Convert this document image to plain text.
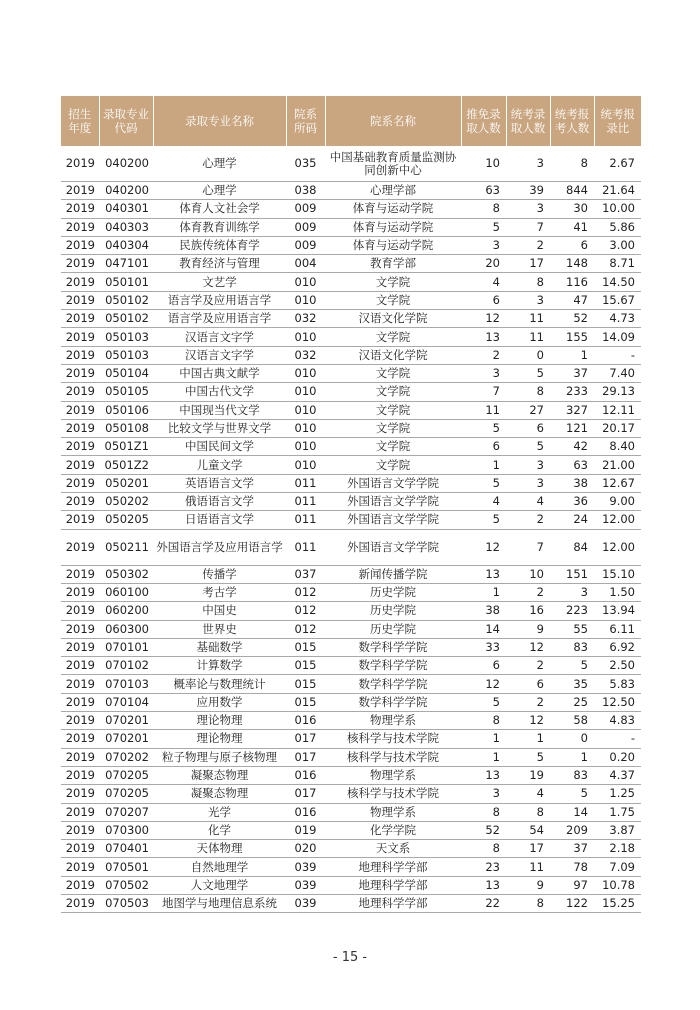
招生年度	录取专业代码	录取专业名称	院系所码	院系名称	推免录取人数	统考录取人数	统考报考人数	统考报录比
2019	040200	心理学	035	中国基础教育质量监测协同创新中心	10	3	8	2.67
2019	040200	心理学	038	心理学部	63	39	844	21.64
2019	040301	体育人文社会学	009	体育与运动学院	8	3	30	10.00
2019	040303	体育教育训练学	009	体育与运动学院	5	7	41	5.86
2019	040304	民族传统体育学	009	体育与运动学院	3	2	6	3.00
2019	047101	教育经济与管理	004	教育学部	20	17	148	8.71
2019	050101	文艺学	010	文学院	4	8	116	14.50
2019	050102	语言学及应用语言学	010	文学院	6	3	47	15.67
2019	050102	语言学及应用语言学	032	汉语文化学院	12	11	52	4.73
2019	050103	汉语言文字学	010	文学院	13	11	155	14.09
2019	050103	汉语言文字学	032	汉语文化学院	2	0	1	-
2019	050104	中国古典文献学	010	文学院	3	5	37	7.40
2019	050105	中国古代文学	010	文学院	7	8	233	29.13
2019	050106	中国现当代文学	010	文学院	11	27	327	12.11
2019	050108	比较文学与世界文学	010	文学院	5	6	121	20.17
2019	0501Z1	中国民间文学	010	文学院	6	5	42	8.40
2019	0501Z2	儿童文学	010	文学院	1	3	63	21.00
2019	050201	英语语言文学	011	外国语言文学学院	5	3	38	12.67
2019	050202	俄语语言文学	011	外国语言文学学院	4	4	36	9.00
2019	050205	日语语言文学	011	外国语言文学学院	5	2	24	12.00
2019	050211	外国语言学及应用语言学	011	外国语言文学学院	12	7	84	12.00
2019	050302	传播学	037	新闻传播学院	13	10	151	15.10
2019	060100	考古学	012	历史学院	1	2	3	1.50
2019	060200	中国史	012	历史学院	38	16	223	13.94
2019	060300	世界史	012	历史学院	14	9	55	6.11
2019	070101	基础数学	015	数学科学学院	33	12	83	6.92
2019	070102	计算数学	015	数学科学学院	6	2	5	2.50
2019	070103	概率论与数理统计	015	数学科学学院	12	6	35	5.83
2019	070104	应用数学	015	数学科学学院	5	2	25	12.50
2019	070201	理论物理	016	物理学系	8	12	58	4.83
2019	070201	理论物理	017	核科学与技术学院	1	1	0	-
2019	070202	粒子物理与原子核物理	017	核科学与技术学院	1	5	1	0.20
2019	070205	凝聚态物理	016	物理学系	13	19	83	4.37
2019	070205	凝聚态物理	017	核科学与技术学院	3	4	5	1.25
2019	070207	光学	016	物理学系	8	8	14	1.75
2019	070300	化学	019	化学学院	52	54	209	3.87
2019	070401	天体物理	020	天文系	8	17	37	2.18
2019	070501	自然地理学	039	地理科学学部	23	11	78	7.09
2019	070502	人文地理学	039	地理科学学部	13	9	97	10.78
2019	070503	地图学与地理信息系统	039	地理科学学部	22	8	122	15.25
- 15 -
